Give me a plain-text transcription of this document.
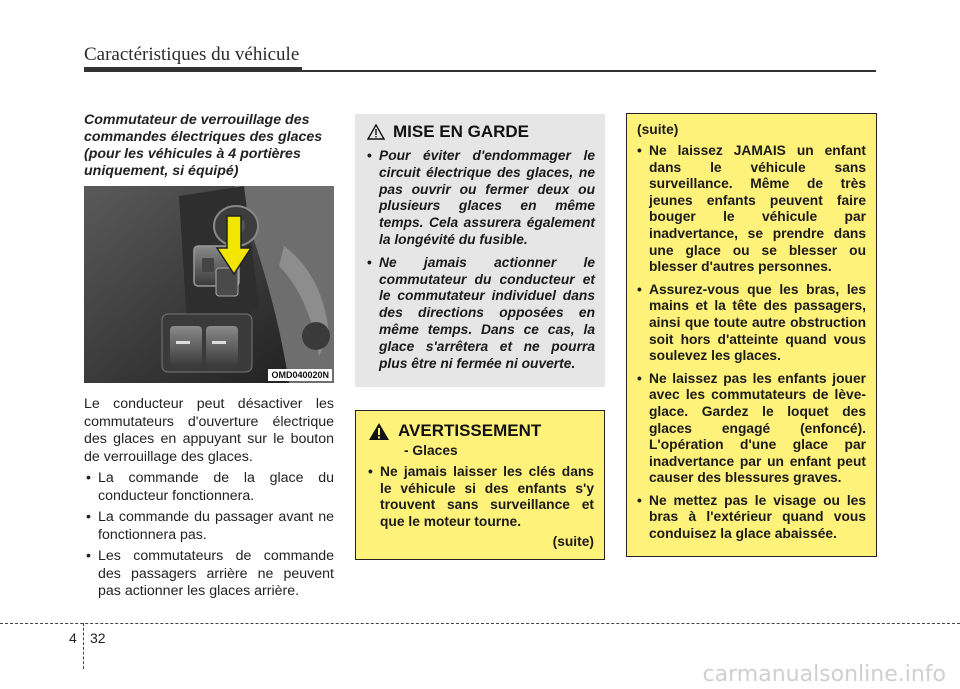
Caractéristiques du véhicule
Commutateur de verrouillage des commandes électriques des glaces (pour les véhicules à 4 portières uniquement, si équipé)
OMD040020N

Le conducteur peut désactiver les commutateurs d'ouverture électrique des glaces en appuyant sur le bouton de verrouillage des glaces.

• La commande de la glace du conducteur fonctionnera.
• La commande du passager avant ne fonctionnera pas.
• Les commutateurs de commande des passagers arrière ne peuvent pas actionner les glaces arrière.
MISE EN GARDE
• Pour éviter d'endommager le circuit électrique des glaces, ne pas ouvrir ou fermer deux ou plusieurs glaces en même temps. Cela assurera également la longévité du fusible.
• Ne jamais actionner le commutateur du conducteur et le commutateur individuel dans des directions opposées en même temps. Dans ce cas, la glace s'arrêtera et ne pourra plus être ni fermée ni ouverte.
AVERTISSEMENT
- Glaces
• Ne jamais laisser les clés dans le véhicule si des enfants s'y trouvent sans surveillance et que le moteur tourne.
(suite)
(suite)
• Ne laissez JAMAIS un enfant dans le véhicule sans surveillance. Même de très jeunes enfants peuvent faire bouger le véhicule par inadvertance, se prendre dans une glace ou se blesser ou blesser d'autres personnes.
• Assurez-vous que les bras, les mains et la tête des passagers, ainsi que toute autre obstruction soit hors d'atteinte quand vous soulevez les glaces.
• Ne laissez pas les enfants jouer avec les commutateurs de lève-glace. Gardez le loquet des glaces engagé (enfoncé). L'opération d'une glace par inadvertance par un enfant peut causer des blessures graves.
• Ne mettez pas le visage ou les bras à l'extérieur quand vous conduisez la glace abaissée.
4 32
carmanualsonline.info
